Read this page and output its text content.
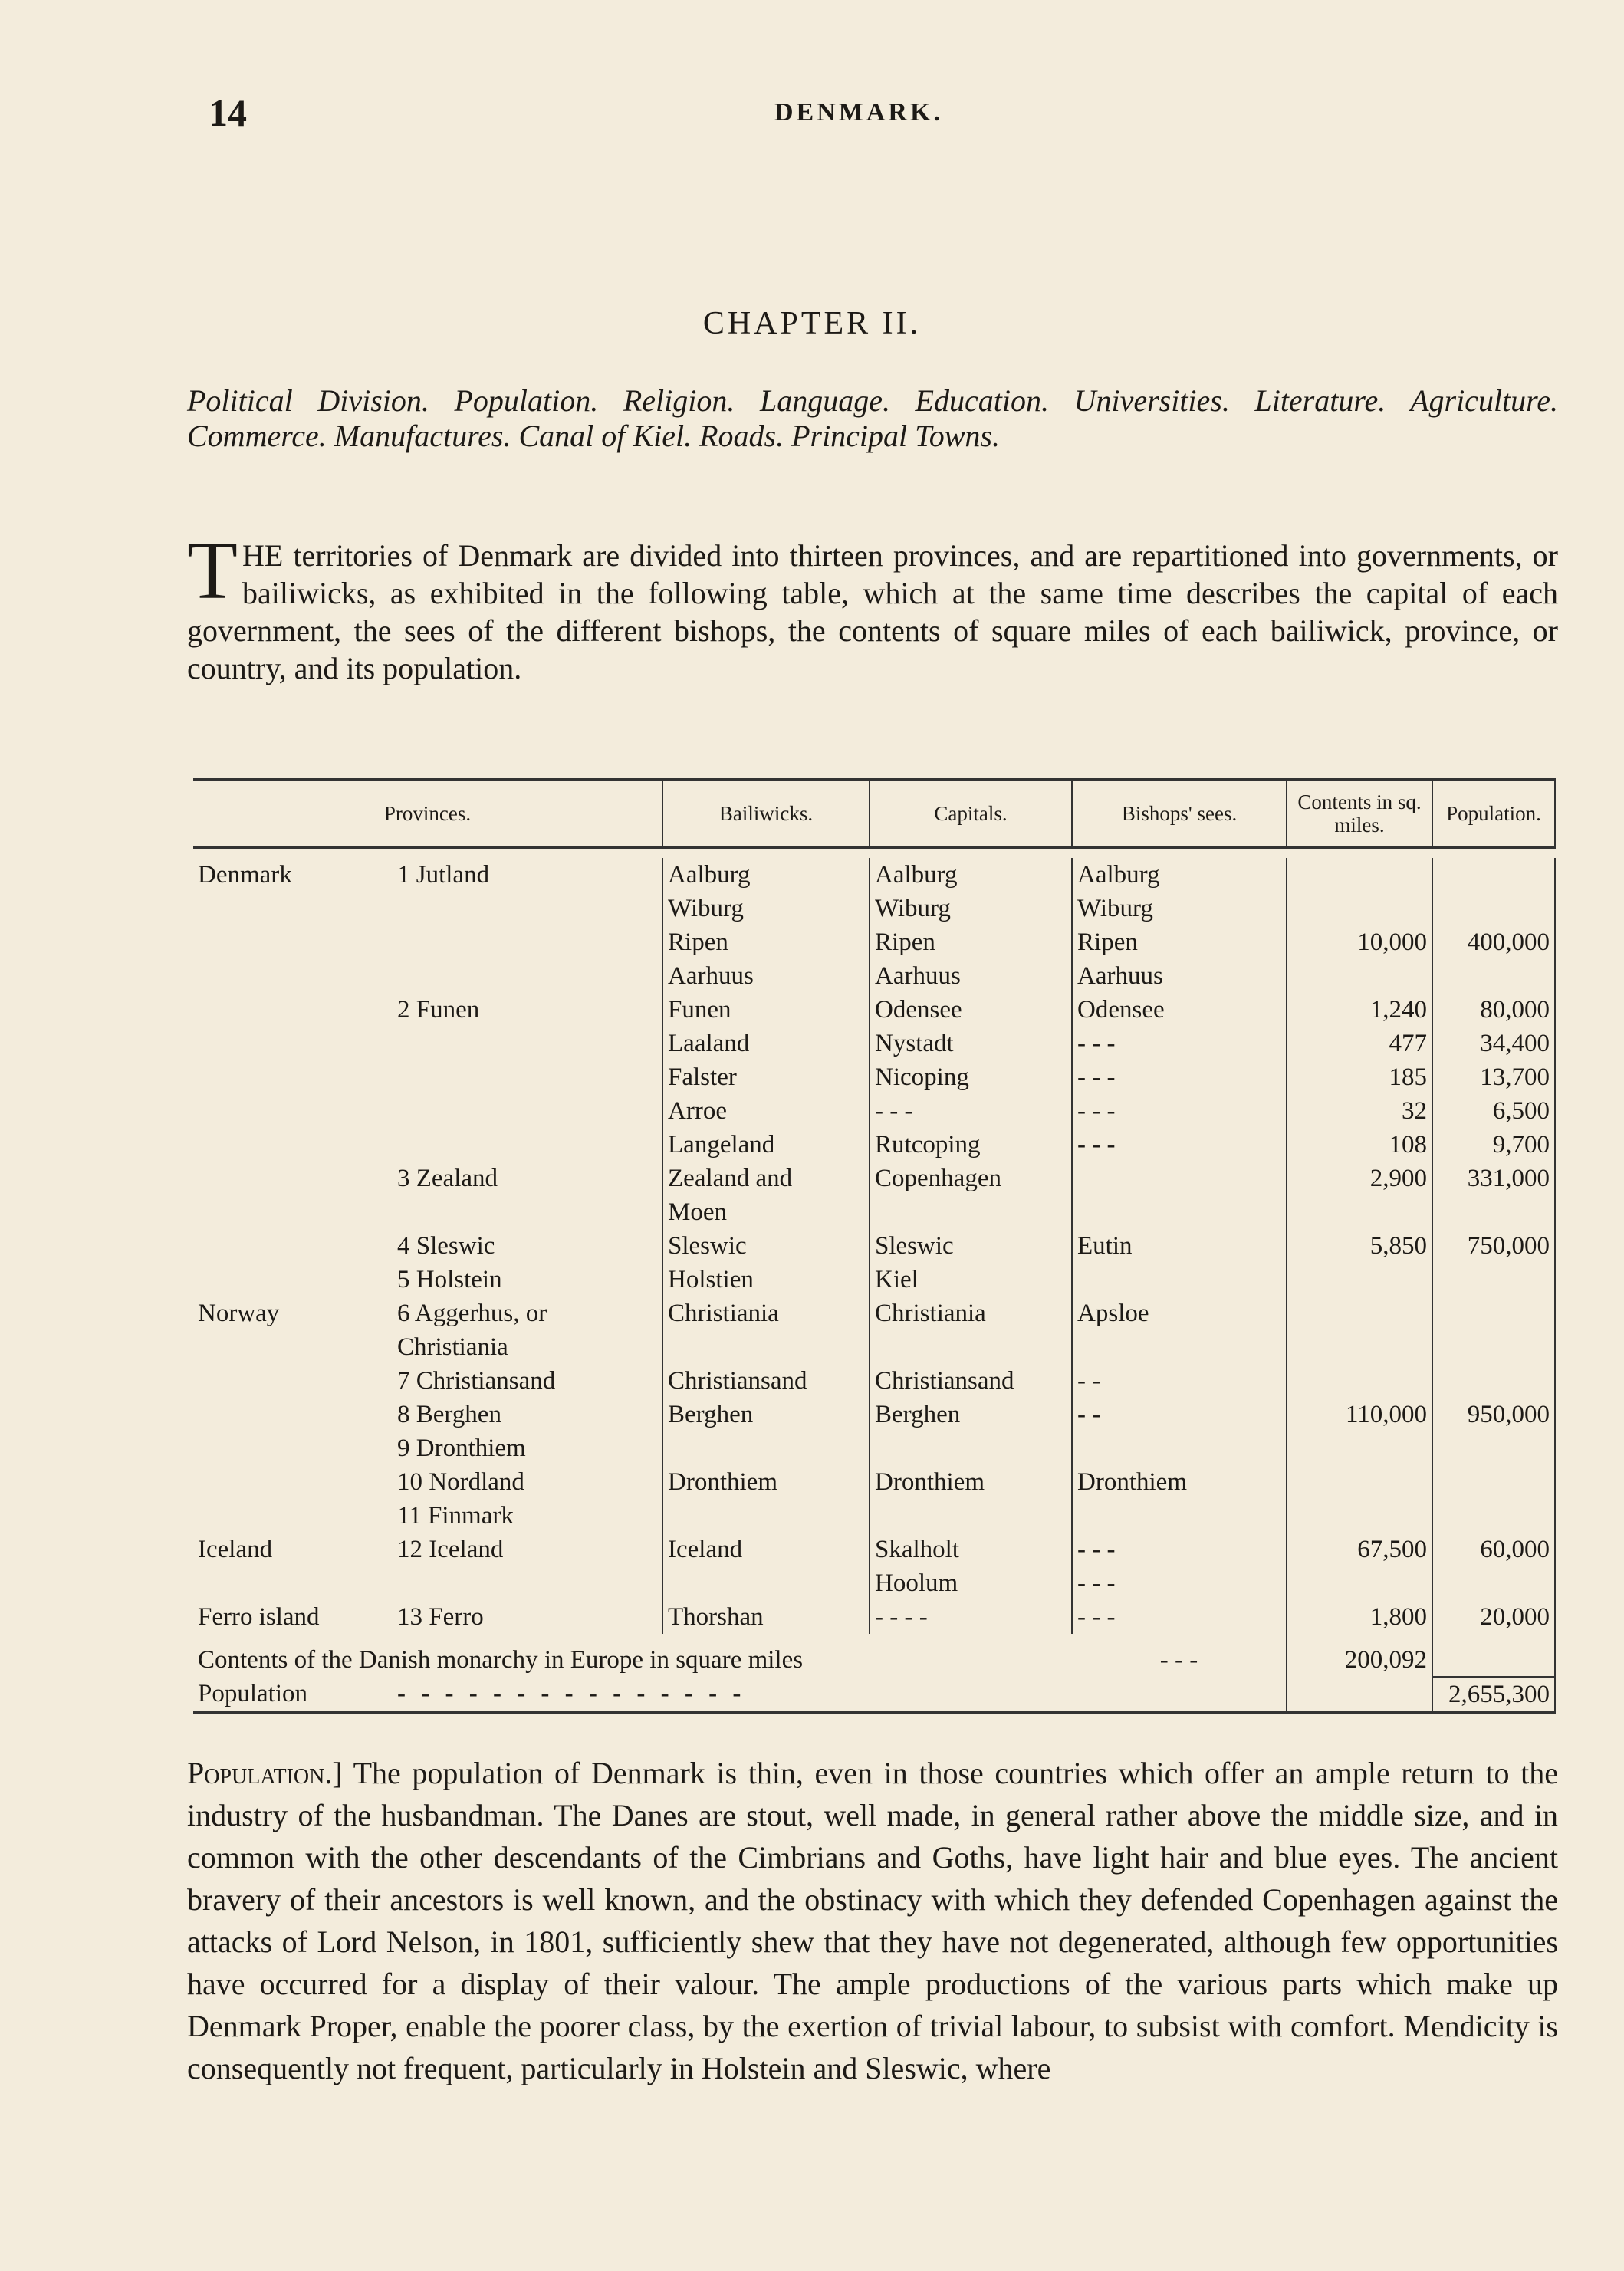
14	DENMARK.
CHAPTER II.
Political Division. Population. Religion. Language. Education. Universities. Literature. Agriculture. Commerce. Manufactures. Canal of Kiel. Roads. Principal Towns.
T HE territories of Denmark are divided into thirteen provinces, and are repartitioned into governments, or bailiwicks, as exhibited in the following table, which at the same time describes the capital of each government, the sees of the different bishops, the contents of square miles of each bailiwick, province, or country, and its population.
Provinces.		Bailiwicks.	Capitals.	Bishops' sees.	Contents in sq. miles.	Population.

Denmark	1 Jutland	Aalburg	Aalburg	Aalburg		
		Wiburg	Wiburg	Wiburg		
		Ripen	Ripen	Ripen	10,000	400,000
		Aarhuus	Aarhuus	Aarhuus		
	2 Funen	Funen	Odensee	Odensee	1,240	80,000
		Laaland	Nystadt	- - -	477	34,400
		Falster	Nicoping	- - -	185	13,700
		Arroe	- - -	- - -	32	6,500
		Langeland	Rutcoping	- - -	108	9,700
	3 Zealand	Zealand and	Copenhagen		2,900	331,000
		Moen				
	4 Sleswic	Sleswic	Sleswic	Eutin	5,850	750,000
	5 Holstein	Holstien	Kiel			
Norway	6 Aggerhus, or	Christiania	Christiania	Apsloe		
	Christiania					
	7 Christiansand	Christiansand	Christiansand	- -		
	8 Berghen	Berghen	Berghen	- -	110,000	950,000
	9 Dronthiem					
	10 Nordland	Dronthiem	Dronthiem	Dronthiem		
	11 Finmark					
Iceland	12 Iceland	Iceland	Skalholt	- - -	67,500	60,000
			Hoolum	- - -		
Ferro island	13 Ferro	Thorshan	- - - -	- - -	1,800	20,000

Contents of the Danish monarchy in Europe in square miles				- - -	200,092	
Population	- - - - - - - - - - - - - - -					2,655,300
Population.] The population of Denmark is thin, even in those countries which offer an ample return to the industry of the husbandman. The Danes are stout, well made, in general rather above the middle size, and in common with the other descendants of the Cimbrians and Goths, have light hair and blue eyes. The ancient bravery of their ancestors is well known, and the obstinacy with which they defended Copenhagen against the attacks of Lord Nelson, in 1801, sufficiently shew that they have not degenerated, although few opportunities have occurred for a display of their valour. The ample productions of the various parts which make up Denmark Proper, enable the poorer class, by the exertion of trivial labour, to subsist with comfort. Mendicity is consequently not frequent, particularly in Holstein and Sleswic, where
